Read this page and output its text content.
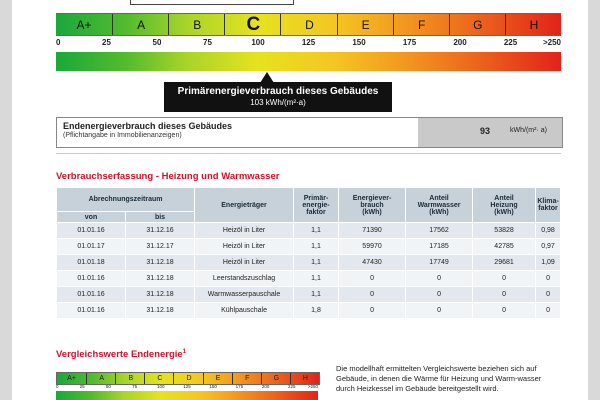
A+	A	B	C	D	E	F	G	H
0	25	50	75	100	125	150	175	200	225	>250
Primärenergieverbrauch dieses Gebäudes
103 kWh/(m²·a)
Endenergieverbrauch dieses Gebäudes
(Pflichtangabe in Immobilienanzeigen)	93	kWh/(m²· a)
Verbrauchserfassung - Heizung und Warmwasser
Abrechnungszeitraum		Energieträger	Primär-
energie-
faktor	Energiever-
brauch
(kWh)	Anteil
Warmwasser
(kWh)	Anteil
Heizung
(kWh)	Klima-
faktor
von	bis						
01.01.16	31.12.16	Heizöl in Liter	1,1	71390	17562	53828	0,98
01.01.17	31.12.17	Heizöl in Liter	1,1	59970	17185	42785	0,97
01.01.18	31.12.18	Heizöl in Liter	1,1	47430	17749	29681	1,09
01.01.16	31.12.18	Leerstandszuschlag	1,1	0	0	0	0
01.01.16	31.12.18	Warmwasserpauschale	1,1	0	0	0	0
01.01.16	31.12.18	Kühlpauschale	1,8	0	0	0	0
Vergleichswerte Endenergie$^1$
A+	A	B	C	D	E	F	G	H
0	25	50	75	100	125	150	175	200	225	>250
Die modellhaft ermittelten Vergleichswerte beziehen sich auf Gebäude, in denen die Wärme für Heizung und Warm-wasser durch Heizkessel im Gebäude bereitgestellt wird.
